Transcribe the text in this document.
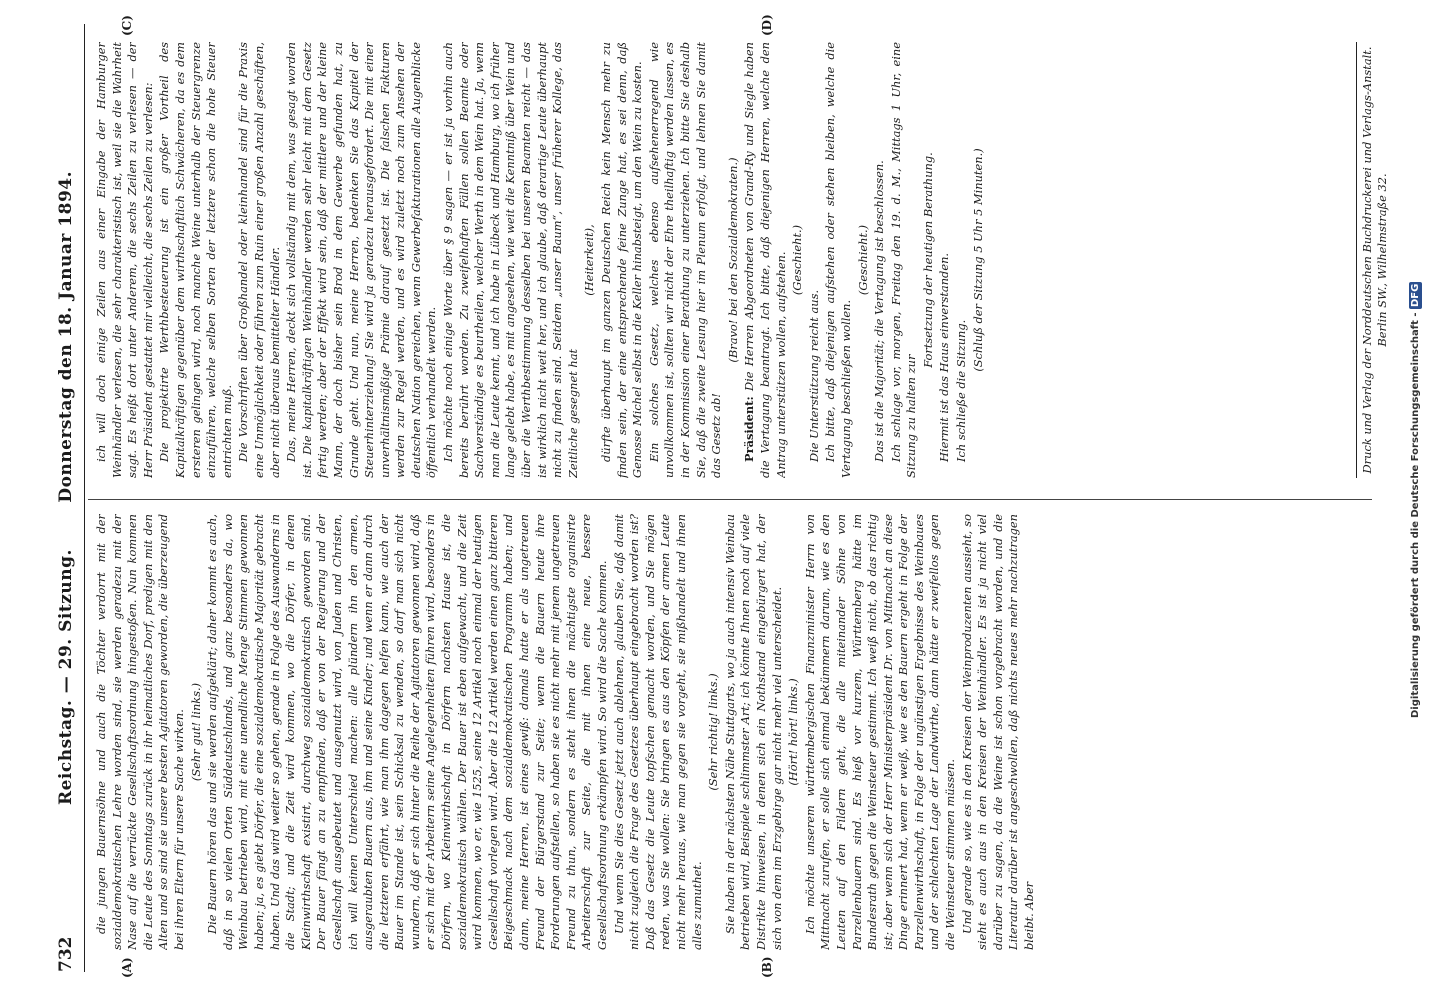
732
Reichstag. — 29. Sitzung. Donnerstag den 18. Januar 1894.
(A)	(B)
(C)	(D)

die jungen Bauernsöhne und auch die Töchter verdorrt mit der sozialdemokratischen Lehre worden sind, sie werden geradezu mit der Nase auf die verrückte Gesellschaftsordnung hingestoßen. Nun kommen die Leute des Sonntags zurück in ihr heimatliches Dorf, predigen mit den Alten und so sind sie unsere besten Agitatoren geworden, die überzeugend bei ihren Eltern für unsere Sache wirken. (Sehr gut! links.) Die Bauern hören das und sie werden aufgeklärt; daher kommt es auch, daß in so vielen Orten Süddeutschlands, und ganz besonders da, wo Weinbau betrieben wird, mit eine unendliche Menge Stimmen gewonnen haben; ja, es giebt Dörfer, die eine sozialdemokratische Majorität gebracht haben. Und das wird weiter so gehen, gerade in Folge des Auswanderns in die Stadt; und die Zeit wird kommen, wo die Dörfer, in denen Kleinwirthschaft existirt, durchweg sozialdemokratisch geworden sind. Der Bauer fängt an zu empfinden, daß er von der Regierung und der Gesellschaft ausgebeutet und ausgenutzt wird, von Juden und Christen, ich will keinen Unterschied machen: alle plündern ihn den armen, ausgeraubten Bauern aus, ihm und seine Kinder; und wenn er dann durch die letzteren erfährt, wie man ihm dagegen helfen kann, wie auch der Bauer im Stande ist, sein Schicksal zu wenden, so darf man sich nicht wundern, daß er sich hinter die Reihe der Agitatoren gewonnen wird, daß er sich mit der Arbeitern seine Angelegenheiten führen wird, besonders in Dörfern, wo Kleinwirthschaft in Dörfern nachsten Hause ist, die sozialdemokratisch wählen. Der Bauer ist eben aufgewacht, und die Zeit wird kommen, wo er, wie 1525, seine 12 Artikel noch einmal der heutigen Gesellschaft vorlegen wird. Aber die 12 Artikel werden einen ganz bitteren Beigeschmack nach dem sozialdemokratischen Programm haben; und dann, meine Herren, ist eines gewiß: damals hatte er als ungetreuen Freund der Bürgerstand zur Seite; wenn die Bauern heute ihre Forderungen aufstellen, so haben sie es nicht mehr mit jenem ungetreuen Freund zu thun, sondern es steht ihnen die mächtigste organisirte Arbeiterschaft zur Seite, die mit ihnen eine neue, bessere Gesellschaftsordnung erkämpfen wird. So wird die Sache kommen. Und wenn Sie dies Gesetz jetzt auch ablehnen, glauben Sie, daß damit nicht zugleich die Frage des Gesetzes überhaupt eingebracht worden ist? Daß das Gesetz die Leute topfschen gemacht worden, und Sie mögen reden, was Sie wollen: Sie bringen es aus den Köpfen der armen Leute nicht mehr heraus, wie man gegen sie vorgeht, sie mißhandelt und ihnen alles zumuthet.

(Sehr richtig! links.) Sie haben in der nächsten Nähe Stuttgarts, wo ja auch intensiv Weinbau betrieben wird, Beispiele schlimmster Art; ich könnte Ihnen noch auf viele Distrikte hinweisen, in denen sich ein Nothstand eingebürgert hat, der sich von dem im Erzgebirge gar nicht mehr viel unterscheidet. (Hört! hört! links.) Ich möchte unserem württembergischen Finanzminister Herrn von Mittnacht zurufen, er solle sich einmal bekümmern darum, wie es den Leuten auf den Fildern geht, die alle miteinander Söhne von Parzellenbauern sind. Es hieß vor kurzem, Württemberg hätte im Bundesrath gegen die Weinsteuer gestimmt. Ich weiß nicht, ob das richtig ist; aber wenn sich der Herr Ministerpräsident Dr. von Mittnacht an diese Dinge erinnert hat, wenn er weiß, wie es den Bauern ergeht in Folge der Parzellenwirthschaft, in Folge der ungünstigen Ergebnisse des Weinbaues und der schlechten Lage der Landwirthe, dann hätte er zweifellos gegen die Weinsteuer stimmen müssen. Und gerade so, wie es in den Kreisen der Weinproduzenten aussieht, so sieht es auch aus in den Kreisen der Weinhändler. Es ist ja nicht viel darüber zu sagen, da die Weine ist schon vorgebracht worden, und die Literatur darüber ist angeschwollen, daß nichts neues mehr nachzutragen bleibt. Aber

ich will doch einige Zeilen aus einer Eingabe der Hamburger Weinhändler verlesen, die sehr charakteristisch ist, weil sie die Wahrheit sagt. Es heißt dort unter Anderem, die sechs Zeilen zu verlesen — der Herr Präsident gestattet mir vielleicht, die sechs Zeilen zu verlesen: Die projektirte Werthbesteuerung ist ein großer Vortheil des Kapitalkräftigen gegenüber dem wirthschaftlich Schwächeren, da es dem ersteren gelingen wird, noch manche Weine unterhalb der Steuergrenze einzuführen, welche selben Sorten der letztere schon die hohe Steuer entrichten muß. Die Vorschriften über Großhandel oder kleinhandel sind für die Praxis eine Unmöglichkeit oder führen zum Ruin einer großen Anzahl geschäften, aber nicht überaus bemittelter Händler. Das, meine Herren, deckt sich vollständig mit dem, was gesagt worden ist. Die kapitalkräftigen Weinhändler werden sehr leicht mit dem Gesetz fertig werden; aber der Effekt wird sein, daß der mittlere und der kleine Mann, der doch bisher sein Brod in dem Gewerbe gefunden hat, zu Grunde geht. Und nun, meine Herren, bedenken Sie das Kapitel der Steuerhinterziehung! Sie wird ja geradezu herausgefordert. Die mit einer unverhältnismäßige Prämie darauf gesetzt ist. Die falschen Fakturen werden zur Regel werden, und es wird zuletzt noch zum Ansehen der deutschen Nation gereichen, wenn Gewerbefakturationen alle Augenblicke öffentlich verhandelt werden. Ich möchte noch einige Worte über § 9 sagen — er ist ja vorhin auch bereits berührt worden. Zu zweifelhaften Fällen sollen Beamte oder Sachverständige es beurtheilen, welcher Werth in dem Wein hat. Ja, wenn man die Leute kennt, und ich habe in Lübeck und Hamburg, wo ich früher lange gelebt habe, es mit angesehen, wie weit die Kenntniß über Wein und über die Werthbestimmung desselben bei unseren Beamten reicht — das ist wirklich nicht weit her, und ich glaube, daß derartige Leute überhaupt nicht zu finden sind. Seitdem „unser Baum“, unser früherer Kollege, das Zeitliche gesegnet hat

(Heiterkeit), dürfte überhaupt im ganzen Deutschen Reich kein Mensch mehr zu finden sein, der eine entsprechende feine Zunge hat, es sei denn, daß Genosse Michel selbst in die Keller hinabsteigt, um den Wein zu kosten. Ein solches Gesetz, welches ebenso aufsehenerregend wie unvollkommen ist, sollten wir nicht der Ehre theilhaftig werden lassen, es in der Kommission einer Berathung zu unterziehen. Ich bitte Sie deshalb Sie, daß die zweite Lesung hier im Plenum erfolgt, und lehnen Sie damit das Gesetz ab!

(Bravo! bei den Sozialdemokraten.)

Präsident: Die Herren Abgeordneten von Grand-Ry und Siegle haben die Vertagung beantragt. Ich bitte, daß diejenigen Herren, welche den Antrag unterstützen wollen, aufstehen. (Geschieht.)

Die Unterstützung reicht aus. Ich bitte, daß diejenigen aufstehen oder stehen bleiben, welche die Vertagung beschließen wollen.

(Geschieht.) Das ist die Majorität; die Vertagung ist beschlossen. Ich schlage vor, morgen, Freitag den 19. d. M., Mittags 1 Uhr, eine Sitzung zu halten zur

Fortsetzung der heutigen Berathung. Hiermit ist das Haus einverstanden. Ich schließe die Sitzung.

(Schluß der Sitzung 5 Uhr 5 Minuten.)	Druck und Verlag der Norddeutschen Buchdruckerei und Verlags-Anstalt. Berlin SW., Wilhelmstraße 32.
Digitalisierung gefördert durch die Deutsche Forschungsgemeinschaft - DFG
